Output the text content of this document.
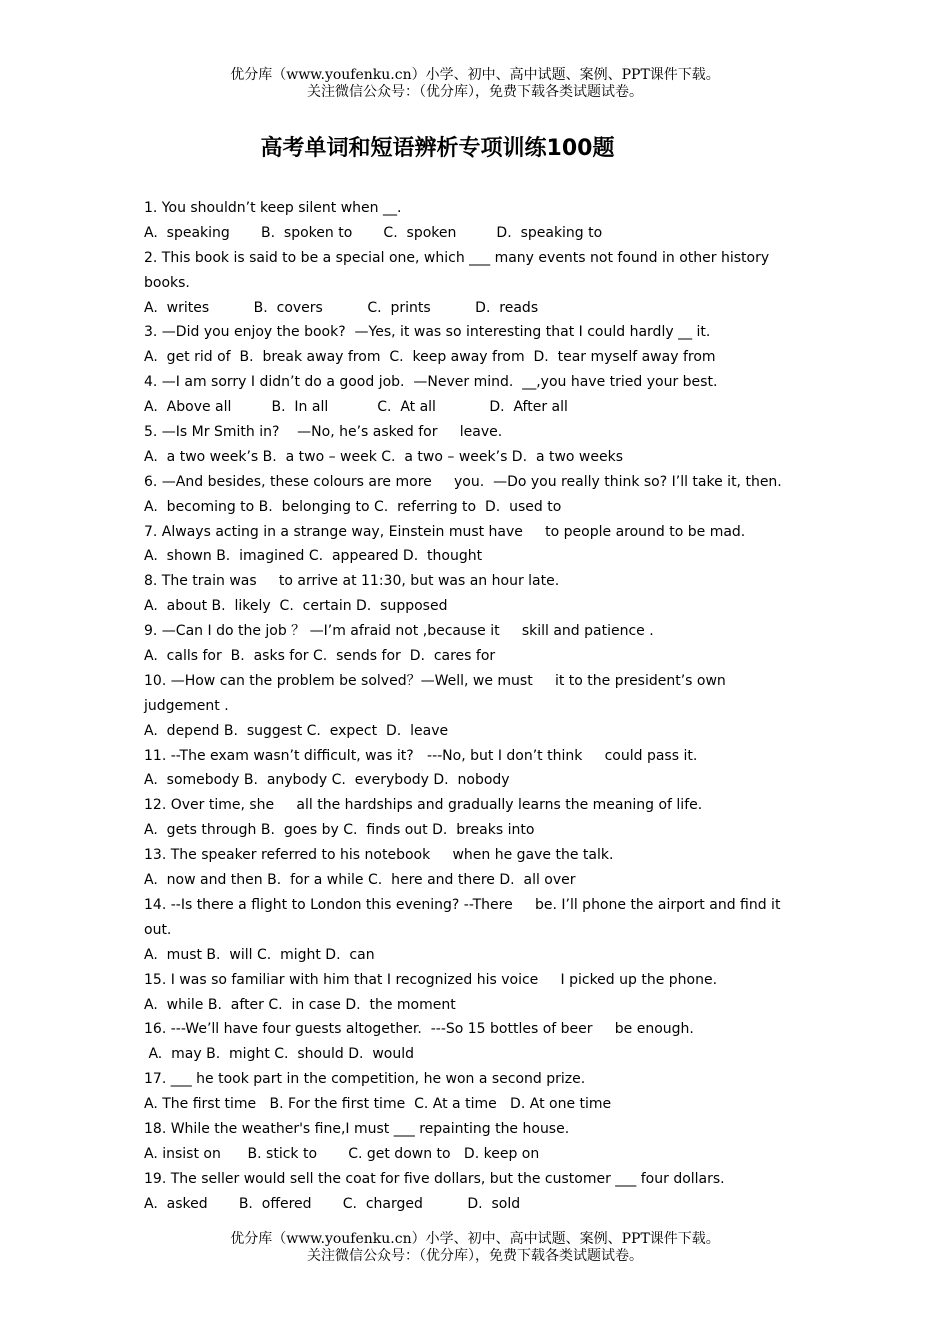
优分库（www.youfenku.cn）小学、初中、高中试题、案例、PPT课件下载。
关注微信公众号：（优分库），免费下载各类试题试卷。
高考单词和短语辨析专项训练100题
1. You shouldn’t keep silent when __.
A.  speaking       B.  spoken to       C.  spoken         D.  speaking to
2. This book is said to be a special one, which ___ many events not found in other history
books.
A.  writes          B.  covers          C.  prints          D.  reads
3. —Did you enjoy the book?  —Yes, it was so interesting that I could hardly __ it.
A.  get rid of  B.  break away from  C.  keep away from  D.  tear myself away from
4. —I am sorry I didn’t do a good job.  —Never mind.  __,you have tried your best.
A.  Above all         B.  In all           C.  At all            D.  After all
5. —Is Mr Smith in?    —No, he’s asked for     leave.
A.  a two week’s B.  a two – week C.  a two – week’s D.  a two weeks
6. —And besides, these colours are more     you.  —Do you really think so? I’ll take it, then.
A.  becoming to B.  belonging to C.  referring to  D.  used to
7. Always acting in a strange way, Einstein must have     to people around to be mad.
A.  shown B.  imagined C.  appeared D.  thought
8. The train was     to arrive at 11:30, but was an hour late.
A.  about B.  likely  C.  certain D.  supposed
9. —Can I do the job ？ —I’m afraid not ,because it     skill and patience .
A.  calls for  B.  asks for C.  sends for  D.  cares for
10. —How can the problem be solved？—Well, we must     it to the president’s own
judgement .
A.  depend B.  suggest C.  expect  D.  leave
11. --The exam wasn’t difficult, was it?   ---No, but I don’t think     could pass it.
A.  somebody B.  anybody C.  everybody D.  nobody
12. Over time, she     all the hardships and gradually learns the meaning of life.
A.  gets through B.  goes by C.  finds out D.  breaks into
13. The speaker referred to his notebook     when he gave the talk.
A.  now and then B.  for a while C.  here and there D.  all over
14. --Is there a flight to London this evening? --There     be. I’ll phone the airport and find it
out.
A.  must B.  will C.  might D.  can
15. I was so familiar with him that I recognized his voice     I picked up the phone.
A.  while B.  after C.  in case D.  the moment
16. ---We’ll have four guests altogether.  ---So 15 bottles of beer     be enough.
A.  may B.  might C.  should D.  would
17. ___ he took part in the competition, he won a second prize.
A. The first time   B. For the first time  C. At a time   D. At one time
18. While the weather's fine,I must ___ repainting the house.
A. insist on      B. stick to       C. get down to   D. keep on
19. The seller would sell the coat for five dollars, but the customer ___ four dollars.
A.  asked       B.  offered       C.  charged          D.  sold
优分库（www.youfenku.cn）小学、初中、高中试题、案例、PPT课件下载。
关注微信公众号：（优分库），免费下载各类试题试卷。
